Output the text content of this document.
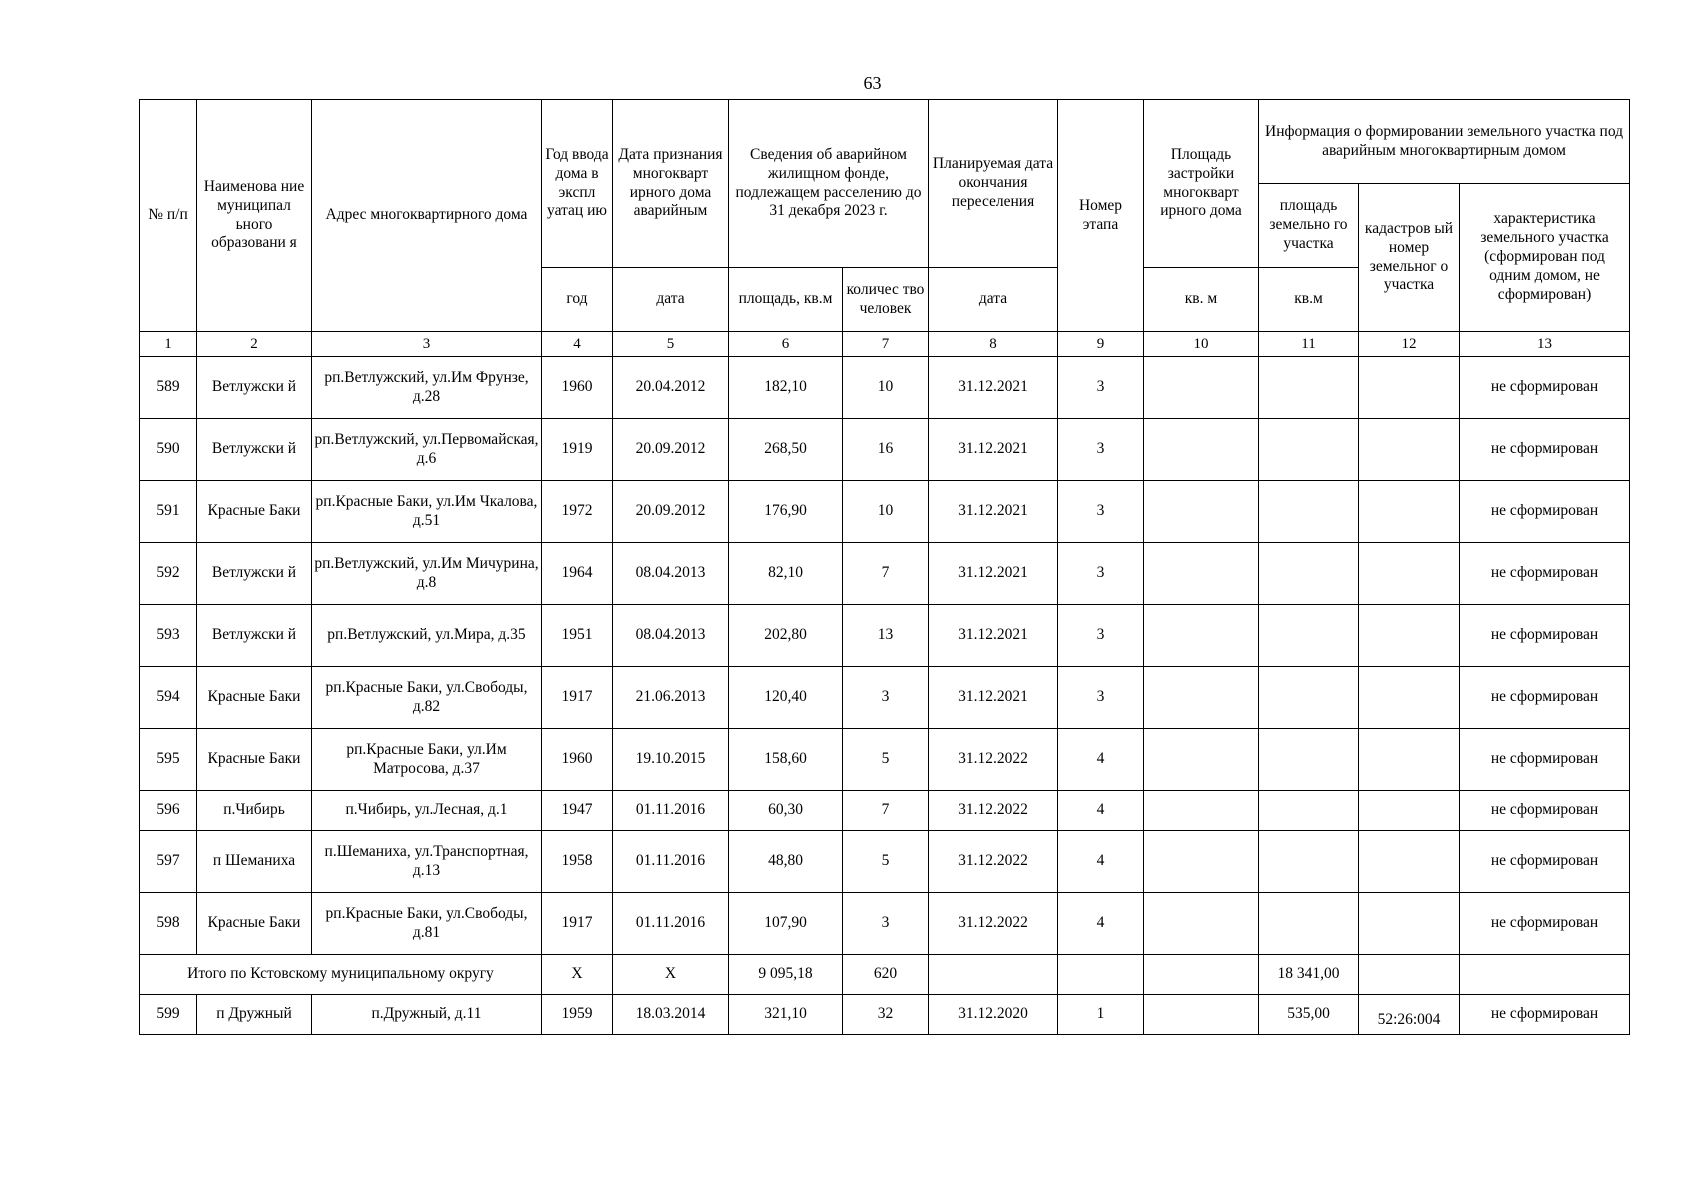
63
№ п/п	Наименова ние муниципал ьного образовани я	Адрес многоквартирного дома	Год ввода дома в экспл уатац ию	Дата признания многокварт ирного дома аварийным	Сведения об аварийном жилищном фонде, подлежащем расселению до 31 декабря 2023 г.		Планируемая дата окончания переселения	Номер этапа	Площадь застройки многокварт ирного дома	Информация о формировании земельного участка под аварийным многоквартирным домом		
										площадь земельно го участка	кадастров ый номер земельног о участка	характеристика земельного участка (сформирован под одним домом, не сформирован)
			год	дата	площадь, кв.м	количес тво человек	дата		кв. м	кв.м		
1	2	3	4	5	6	7	8	9	10	11	12	13
589	Ветлужски й	рп.Ветлужский, ул.Им Фрунзе, д.28	1960	20.04.2012	182,10	10	31.12.2021	3				не сформирован
590	Ветлужски й	рп.Ветлужский, ул.Первомайская, д.6	1919	20.09.2012	268,50	16	31.12.2021	3				не сформирован
591	Красные Баки	рп.Красные Баки, ул.Им Чкалова, д.51	1972	20.09.2012	176,90	10	31.12.2021	3				не сформирован
592	Ветлужски й	рп.Ветлужский, ул.Им Мичурина, д.8	1964	08.04.2013	82,10	7	31.12.2021	3				не сформирован
593	Ветлужски й	рп.Ветлужский, ул.Мира, д.35	1951	08.04.2013	202,80	13	31.12.2021	3				не сформирован
594	Красные Баки	рп.Красные Баки, ул.Свободы, д.82	1917	21.06.2013	120,40	3	31.12.2021	3				не сформирован
595	Красные Баки	рп.Красные Баки, ул.Им Матросова, д.37	1960	19.10.2015	158,60	5	31.12.2022	4				не сформирован
596	п.Чибирь	п.Чибирь, ул.Лесная, д.1	1947	01.11.2016	60,30	7	31.12.2022	4				не сформирован
597	п Шеманиха	п.Шеманиха, ул.Транспортная, д.13	1958	01.11.2016	48,80	5	31.12.2022	4				не сформирован
598	Красные Баки	рп.Красные Баки, ул.Свободы, д.81	1917	01.11.2016	107,90	3	31.12.2022	4				не сформирован
Итого по Кстовскому муниципальному округу			X	X	9 095,18	620				18 341,00		
599	п Дружный	п.Дружный, д.11	1959	18.03.2014	321,10	32	31.12.2020	1		535,00	52:26:004	не сформирован
